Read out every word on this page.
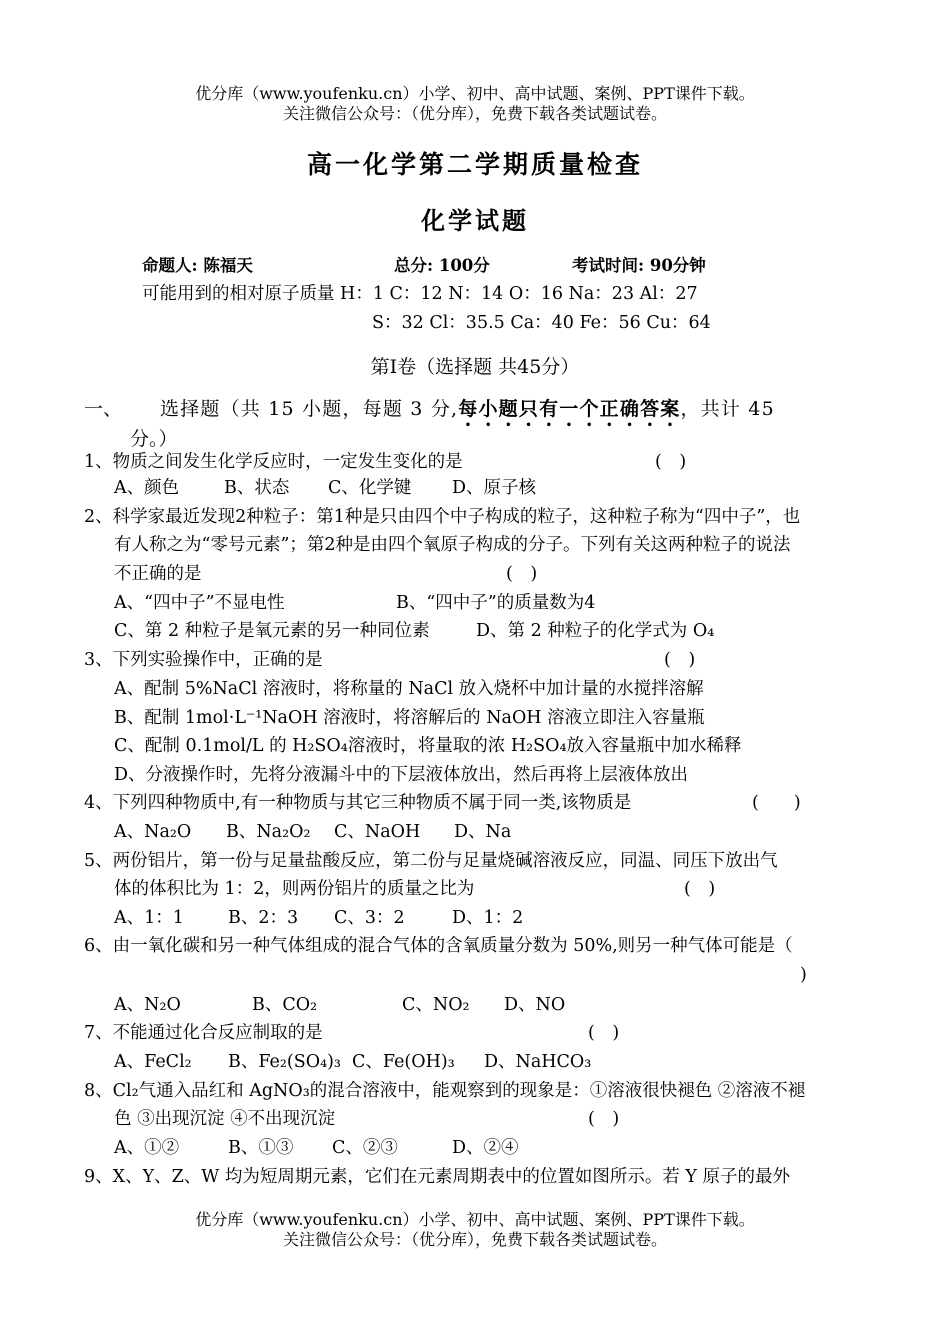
优分库（www.youfenku.cn）小学、初中、高中试题、案例、PPT课件下载。
关注微信公众号：（优分库），免费下载各类试题试卷。
高一化学第二学期质量检查
化学试题
命题人: 陈福天	总分: 100分	考试时间: 90分钟
可能用到的相对原子质量 H：1 C：12 N：14 O：16 Na：23 Al：27
S：32 Cl：35.5 Ca：40 Fe：56 Cu：64
第Ⅰ卷（选择题 共45分）
一、 选择题（共 15 小题，每题 3 分,每小题只有一个正确答案，共计 45
分。）
1、物质之间发生化学反应时，一定发生变化的是	(　)
A、颜色	B、状态 C、化学键 D、原子核
2、科学家最近发现2种粒子：第1种是只由四个中子构成的粒子，这种粒子称为“四中子”，也
有人称之为“零号元素”；第2种是由四个氧原子构成的分子。下列有关这两种粒子的说法
不正确的是	(　)
A、“四中子”不显电性	B、“四中子”的质量数为4
C、第 2 种粒子是氧元素的另一种同位素	D、第 2 种粒子的化学式为 O₄
3、下列实验操作中，正确的是	(　)
A、配制 5%NaCl 溶液时，将称量的 NaCl 放入烧杯中加计量的水搅拌溶解
B、配制 1mol·L⁻¹NaOH 溶液时，将溶解后的 NaOH 溶液立即注入容量瓶
C、配制 0.1mol/L 的 H₂SO₄溶液时，将量取的浓 H₂SO₄放入容量瓶中加水稀释
D、分液操作时，先将分液漏斗中的下层液体放出，然后再将上层液体放出
4、下列四种物质中,有一种物质与其它三种物质不属于同一类,该物质是	(　　)
A、Na₂O B、Na₂O₂ C、NaOH D、Na
5、两份铝片，第一份与足量盐酸反应，第二份与足量烧碱溶液反应，同温、同压下放出气
体的体积比为 1：2，则两份铝片的质量之比为	(　)
A、1：1	B、2：3 C、3：2	D、1：2
6、由一氧化碳和另一种气体组成的混合气体的含氧质量分数为 50%,则另一种气体可能是（
)
A、N₂O	B、CO₂	C、NO₂ D、NO
7、不能通过化合反应制取的是	(　)
A、FeCl₂ B、Fe₂(SO₄)₃ C、Fe(OH)₃ D、NaHCO₃
8、Cl₂气通入品红和 AgNO₃的混合溶液中，能观察到的现象是：①溶液很快褪色 ②溶液不褪
色 ③出现沉淀 ④不出现沉淀	(　)
A、①②	B、①③ C、②③	D、②④
9、X、Y、Z、W 均为短周期元素，它们在元素周期表中的位置如图所示。若 Y 原子的最外
优分库（www.youfenku.cn）小学、初中、高中试题、案例、PPT课件下载。
关注微信公众号：（优分库），免费下载各类试题试卷。
